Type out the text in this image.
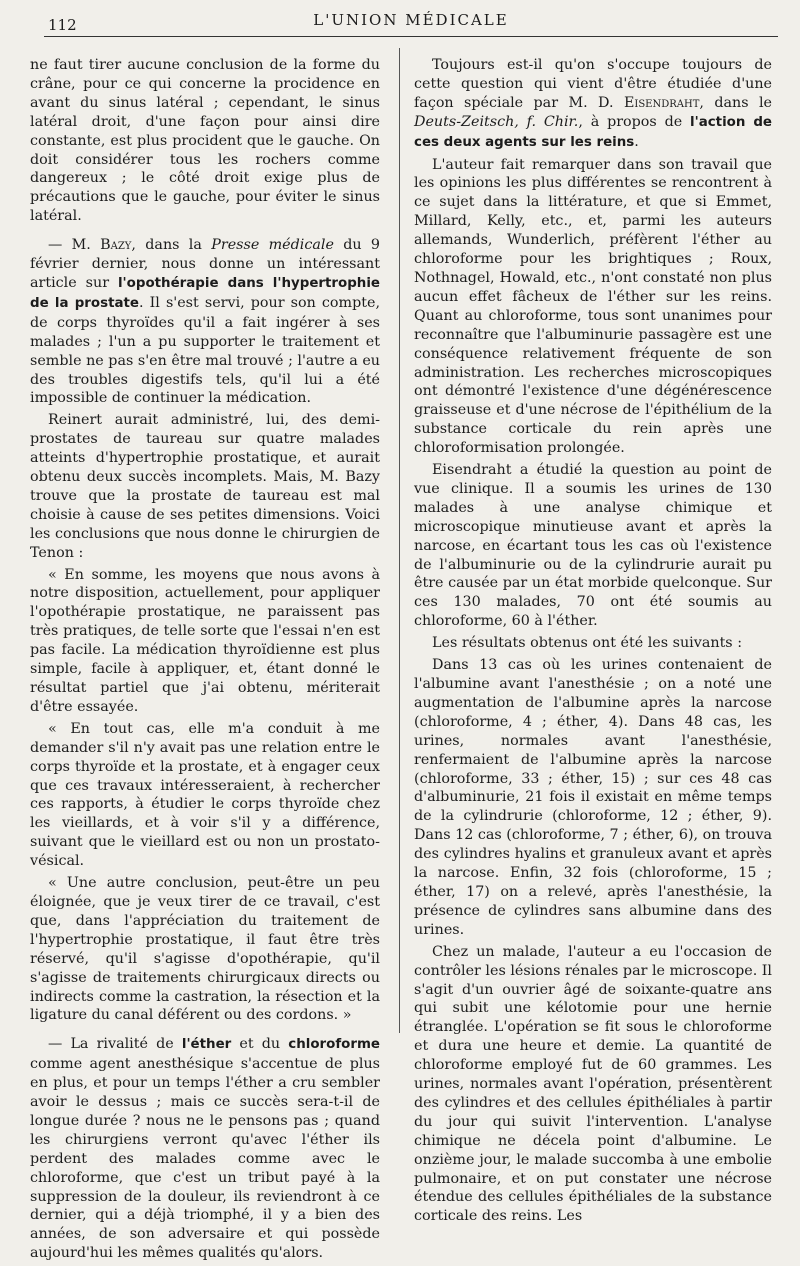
112	L'UNION MÉDICALE

ne faut tirer aucune conclusion de la forme du crâne, pour ce qui concerne la procidence en avant du sinus latéral ; cependant, le sinus latéral droit, d'une façon pour ainsi dire constante, est plus procident que le gauche. On doit considérer tous les rochers comme dangereux ; le côté droit exige plus de précautions que le gauche, pour éviter le sinus latéral.

— M. Bazy, dans la Presse médicale du 9 février dernier, nous donne un intéressant article sur l'opothérapie dans l'hypertrophie de la prostate. Il s'est servi, pour son compte, de corps thyroïdes qu'il a fait ingérer à ses malades ; l'un a pu supporter le traitement et semble ne pas s'en être mal trouvé ; l'autre a eu des troubles digestifs tels, qu'il lui a été impossible de continuer la médication.

Reinert aurait administré, lui, des demi-prostates de taureau sur quatre malades atteints d'hypertrophie prostatique, et aurait obtenu deux succès incomplets. Mais, M. Bazy trouve que la prostate de taureau est mal choisie à cause de ses petites dimensions. Voici les conclusions que nous donne le chirurgien de Tenon :

« En somme, les moyens que nous avons à notre disposition, actuellement, pour appliquer l'opothérapie prostatique, ne paraissent pas très pratiques, de telle sorte que l'essai n'en est pas facile. La médication thyroïdienne est plus simple, facile à appliquer, et, étant donné le résultat partiel que j'ai obtenu, mériterait d'être essayée.

« En tout cas, elle m'a conduit à me demander s'il n'y avait pas une relation entre le corps thyroïde et la prostate, et à engager ceux que ces travaux intéresseraient, à rechercher ces rapports, à étudier le corps thyroïde chez les vieillards, et à voir s'il y a différence, suivant que le vieillard est ou non un prostato-vésical.

« Une autre conclusion, peut-être un peu éloignée, que je veux tirer de ce travail, c'est que, dans l'appréciation du traitement de l'hypertrophie prostatique, il faut être très réservé, qu'il s'agisse d'opothérapie, qu'il s'agisse de traitements chirurgicaux directs ou indirects comme la castration, la résection et la ligature du canal déférent ou des cordons. »

— La rivalité de l'éther et du chloroforme comme agent anesthésique s'accentue de plus en plus, et pour un temps l'éther a cru sembler avoir le dessus ; mais ce succès sera-t-il de longue durée ? nous ne le pensons pas ; quand les chirurgiens verront qu'avec l'éther ils perdent des malades comme avec le chloroforme, que c'est un tribut payé à la suppression de la douleur, ils reviendront à ce dernier, qui a déjà triomphé, il y a bien des années, de son adversaire et qui possède aujourd'hui les mêmes qualités qu'alors.

Toujours est-il qu'on s'occupe toujours de cette question qui vient d'être étudiée d'une façon spéciale par M. D. Eisendraht, dans le Deuts-Zeitsch, f. Chir., à propos de l'action de ces deux agents sur les reins.

L'auteur fait remarquer dans son travail que les opinions les plus différentes se rencontrent à ce sujet dans la littérature, et que si Emmet, Millard, Kelly, etc., et, parmi les auteurs allemands, Wunderlich, préfèrent l'éther au chloroforme pour les brightiques ; Roux, Nothnagel, Howald, etc., n'ont constaté non plus aucun effet fâcheux de l'éther sur les reins. Quant au chloroforme, tous sont unanimes pour reconnaître que l'albuminurie passagère est une conséquence relativement fréquente de son administration. Les recherches microscopiques ont démontré l'existence d'une dégénérescence graisseuse et d'une nécrose de l'épithélium de la substance corticale du rein après une chloroformisation prolongée.

Eisendraht a étudié la question au point de vue clinique. Il a soumis les urines de 130 malades à une analyse chimique et microscopique minutieuse avant et après la narcose, en écartant tous les cas où l'existence de l'albuminurie ou de la cylindrurie aurait pu être causée par un état morbide quelconque. Sur ces 130 malades, 70 ont été soumis au chloroforme, 60 à l'éther.

Les résultats obtenus ont été les suivants :

Dans 13 cas où les urines contenaient de l'albumine avant l'anesthésie ; on a noté une augmentation de l'albumine après la narcose (chloroforme, 4 ; éther, 4). Dans 48 cas, les urines, normales avant l'anesthésie, renfermaient de l'albumine après la narcose (chloroforme, 33 ; éther, 15) ; sur ces 48 cas d'albuminurie, 21 fois il existait en même temps de la cylindrurie (chloroforme, 12 ; éther, 9). Dans 12 cas (chloroforme, 7 ; éther, 6), on trouva des cylindres hyalins et granuleux avant et après la narcose. Enfin, 32 fois (chloroforme, 15 ; éther, 17) on a relevé, après l'anesthésie, la présence de cylindres sans albumine dans des urines.

Chez un malade, l'auteur a eu l'occasion de contrôler les lésions rénales par le microscope. Il s'agit d'un ouvrier âgé de soixante-quatre ans qui subit une kélotomie pour une hernie étranglée. L'opération se fit sous le chloroforme et dura une heure et demie. La quantité de chloroforme employé fut de 60 grammes. Les urines, normales avant l'opération, présentèrent des cylindres et des cellules épithéliales à partir du jour qui suivit l'intervention. L'analyse chimique ne décela point d'albumine. Le onzième jour, le malade succomba à une embolie pulmonaire, et on put constater une nécrose étendue des cellules épithéliales de la substance corticale des reins. Les
